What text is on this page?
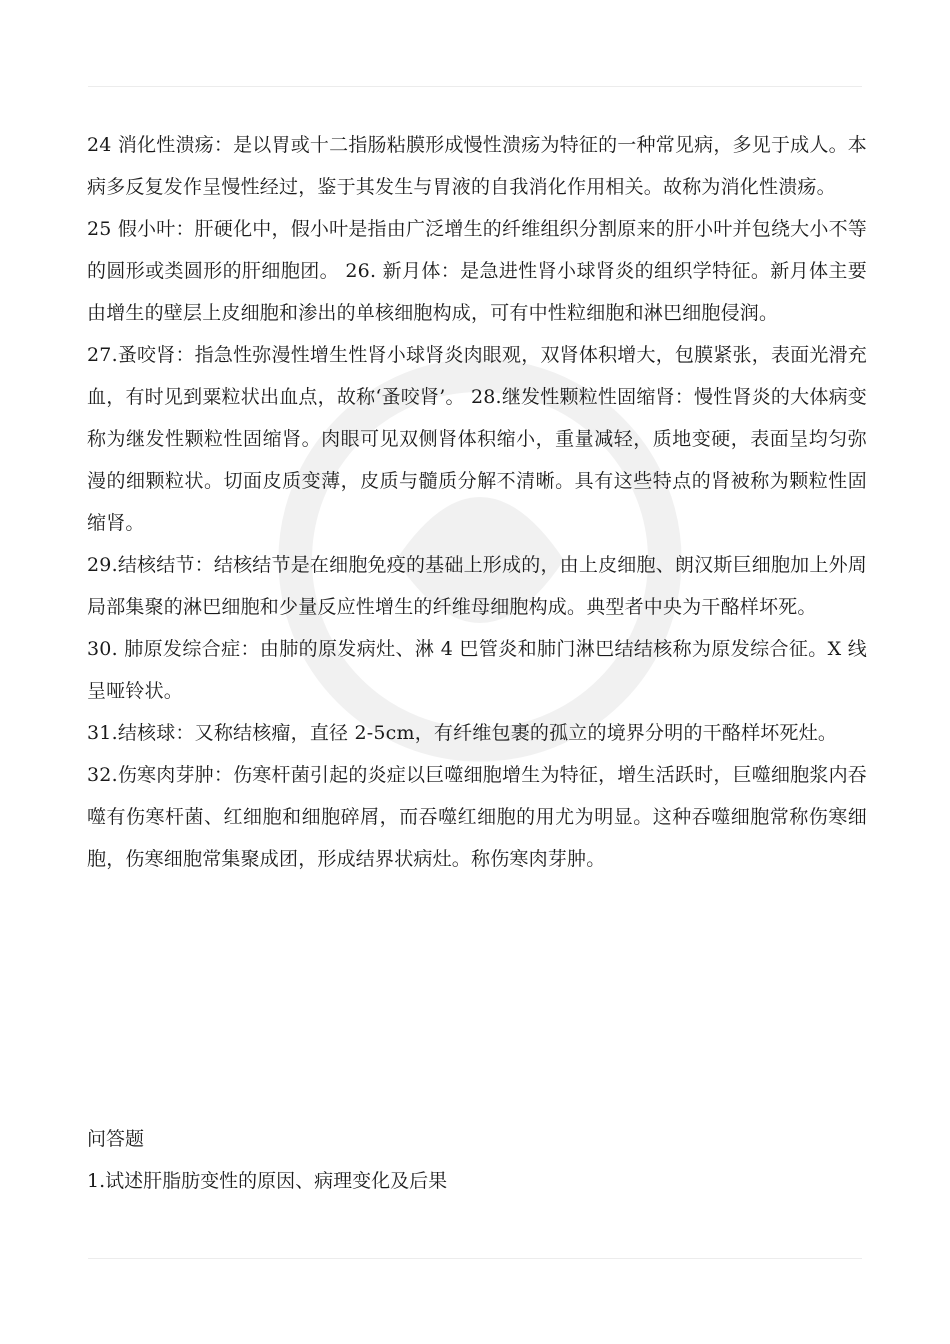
24 消化性溃疡：是以胃或十二指肠粘膜形成慢性溃疡为特征的一种常见病，多见于成人。本病多反复发作呈慢性经过，鉴于其发生与胃液的自我消化作用相关。故称为消化性溃疡。

25 假小叶：肝硬化中，假小叶是指由广泛增生的纤维组织分割原来的肝小叶并包绕大小不等的圆形或类圆形的肝细胞团。 26. 新月体：是急进性肾小球肾炎的组织学特征。新月体主要由增生的壁层上皮细胞和渗出的单核细胞构成，可有中性粒细胞和淋巴细胞侵润。

27.蚤咬肾：指急性弥漫性增生性肾小球肾炎肉眼观，双肾体积增大，包膜紧张，表面光滑充血，有时见到粟粒状出血点，故称‘蚤咬肾’。 28.继发性颗粒性固缩肾：慢性肾炎的大体病变称为继发性颗粒性固缩肾。肉眼可见双侧肾体积缩小，重量减轻，质地变硬，表面呈均匀弥漫的细颗粒状。切面皮质变薄，皮质与髓质分解不清晰。具有这些特点的肾被称为颗粒性固缩肾。

29.结核结节：结核结节是在细胞免疫的基础上形成的，由上皮细胞、朗汉斯巨细胞加上外周局部集聚的淋巴细胞和少量反应性增生的纤维母细胞构成。典型者中央为干酪样坏死。

30. 肺原发综合症：由肺的原发病灶、淋 4 巴管炎和肺门淋巴结结核称为原发综合征。X 线呈哑铃状。

31.结核球：又称结核瘤，直径 2-5cm，有纤维包裹的孤立的境界分明的干酪样坏死灶。

32.伤寒肉芽肿：伤寒杆菌引起的炎症以巨噬细胞增生为特征，增生活跃时，巨噬细胞浆内吞噬有伤寒杆菌、红细胞和细胞碎屑，而吞噬红细胞的用尤为明显。这种吞噬细胞常称伤寒细胞，伤寒细胞常集聚成团，形成结界状病灶。称伤寒肉芽肿。

问答题

1.试述肝脂肪变性的原因、病理变化及后果
